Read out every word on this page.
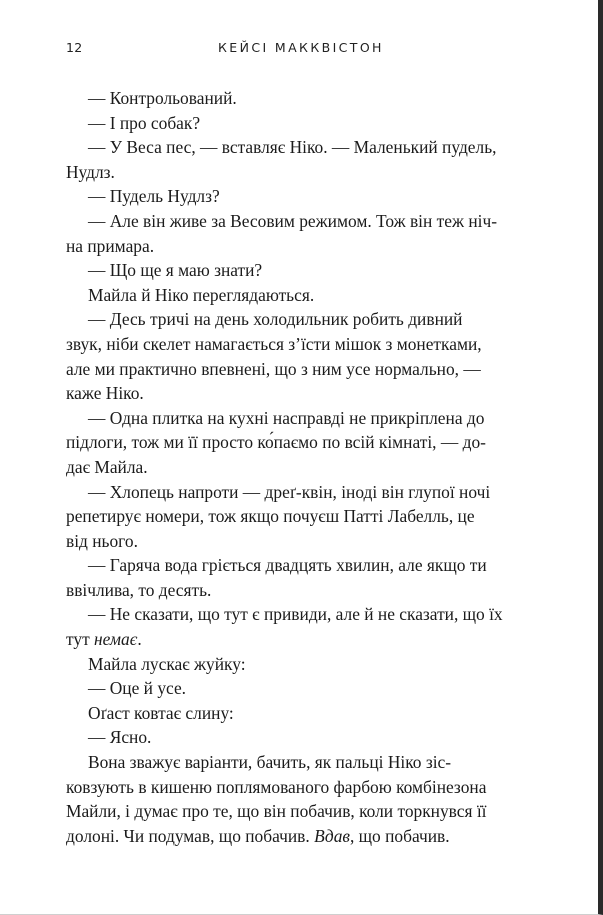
12	КЕЙСІ МАККВІСТОН
— Контрольований.
— І про собак?
— У Веса пес, — вставляє Ніко. — Маленький пудель,
Нудлз.
— Пудель Нудлз?
— Але він живе за Весовим режимом. Тож він теж ніч-
на примара.
— Що ще я маю знати?
Майла й Ніко переглядаються.
— Десь тричі на день холодильник робить дивний
звук, ніби скелет намагається з’їсти мішок з монетками,
але ми практично впевнені, що з ним усе нормально, —
каже Ніко.
— Одна плитка на кухні насправді не прикріплена до
підлоги, тож ми її просто ко́паємо по всій кімнаті, — до-
дає Майла.
— Хлопець напроти — дреґ-квін, іноді він глупої ночі
репетирує номери, тож якщо почуєш Патті Лабелль, це
від нього.
— Гаряча вода гріється двадцять хвилин, але якщо ти
ввічлива, то десять.
— Не сказати, що тут є привиди, але й не сказати, що їх
тут немає.
Майла лускає жуйку:
— Оце й усе.
Оґаст ковтає слину:
— Ясно.
Вона зважує варіанти, бачить, як пальці Ніко зіс-
ковзують в кишеню поплямованого фарбою комбінезона
Майли, і думає про те, що він побачив, коли торкнувся її
долоні. Чи подумав, що побачив. Вдав, що побачив.
